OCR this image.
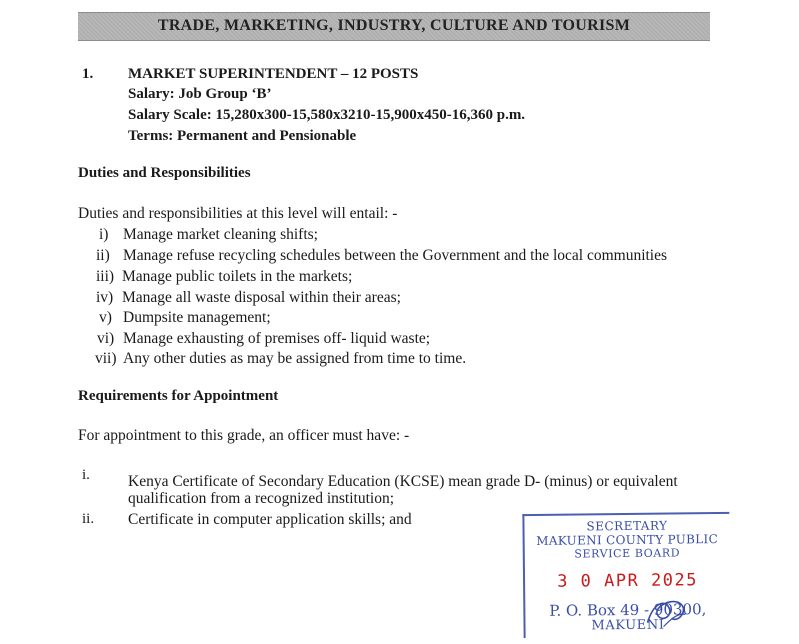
TRADE, MARKETING, INDUSTRY, CULTURE AND TOURISM
1. MARKET SUPERINTENDENT – 12 POSTS
Salary: Job Group ‘B’
Salary Scale: 15,280x300-15,580x3210-15,900x450-16,360 p.m.
Terms: Permanent and Pensionable
Duties and Responsibilities
Duties and responsibilities at this level will entail: -
i) Manage market cleaning shifts;
ii) Manage refuse recycling schedules between the Government and the local communities
iii) Manage public toilets in the markets;
iv) Manage all waste disposal within their areas;
v) Dumpsite management;
vi) Manage exhausting of premises off- liquid waste;
vii) Any other duties as may be assigned from time to time.
Requirements for Appointment
For appointment to this grade, an officer must have: -
i. Kenya Certificate of Secondary Education (KCSE) mean grade D- (minus) or equivalent
qualification from a recognized institution;
ii. Certificate in computer application skills; and	SECRETARY
MAKUENI COUNTY PUBLIC
SERVICE BOARD
3 0 APR 2025
P. O. Box 49 - 90300,
MAKUENI
